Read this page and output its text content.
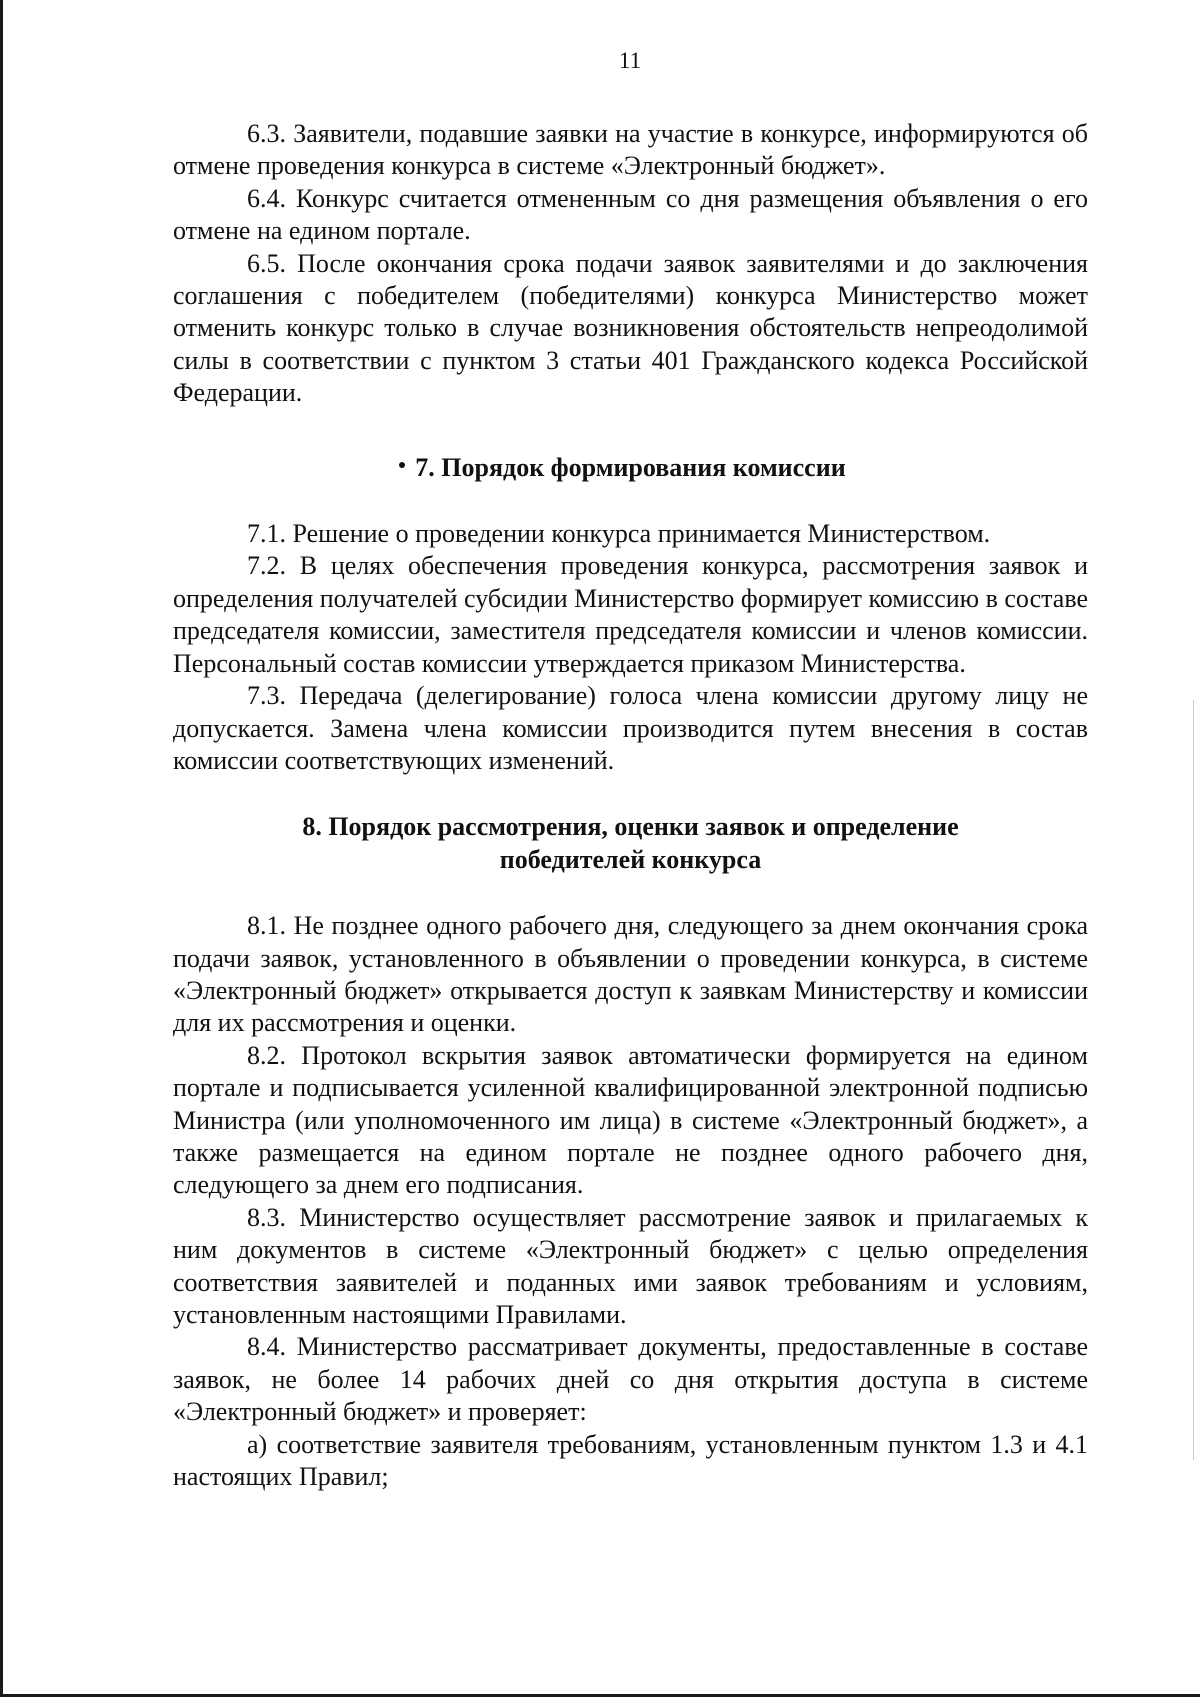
11

6.3. Заявители, подавшие заявки на участие в конкурсе, информируются об отмене проведения конкурса в системе «Электронный бюджет».

6.4. Конкурс считается отмененным со дня размещения объявления о его отмене на едином портале.

6.5. После окончания срока подачи заявок заявителями и до заключения соглашения с победителем (победителями) конкурса Министерство может отменить конкурс только в случае возникновения обстоятельств непреодолимой силы в соответствии с пунктом 3 статьи 401 Гражданского кодекса Российской Федерации.

7. Порядок формирования комиссии

7.1. Решение о проведении конкурса принимается Министерством.

7.2. В целях обеспечения проведения конкурса, рассмотрения заявок и определения получателей субсидии Министерство формирует комиссию в составе председателя комиссии, заместителя председателя комиссии и членов комиссии. Персональный состав комиссии утверждается приказом Министерства.

7.3. Передача (делегирование) голоса члена комиссии другому лицу не допускается. Замена члена комиссии производится путем внесения в состав комиссии соответствующих изменений.

8. Порядок рассмотрения, оценки заявок и определение
победителей конкурса

8.1. Не позднее одного рабочего дня, следующего за днем окончания срока подачи заявок, установленного в объявлении о проведении конкурса, в системе «Электронный бюджет» открывается доступ к заявкам Министерству и комиссии для их рассмотрения и оценки.

8.2. Протокол вскрытия заявок автоматически формируется на едином портале и подписывается усиленной квалифицированной электронной подписью Министра (или уполномоченного им лица) в системе «Электронный бюджет», а также размещается на едином портале не позднее одного рабочего дня, следующего за днем его подписания.

8.3. Министерство осуществляет рассмотрение заявок и прилагаемых к ним документов в системе «Электронный бюджет» с целью определения соответствия заявителей и поданных ими заявок требованиям и условиям, установленным настоящими Правилами.

8.4. Министерство рассматривает документы, предоставленные в составе заявок, не более 14 рабочих дней со дня открытия доступа в системе «Электронный бюджет» и проверяет:

а) соответствие заявителя требованиям, установленным пунктом 1.3 и 4.1 настоящих Правил;
